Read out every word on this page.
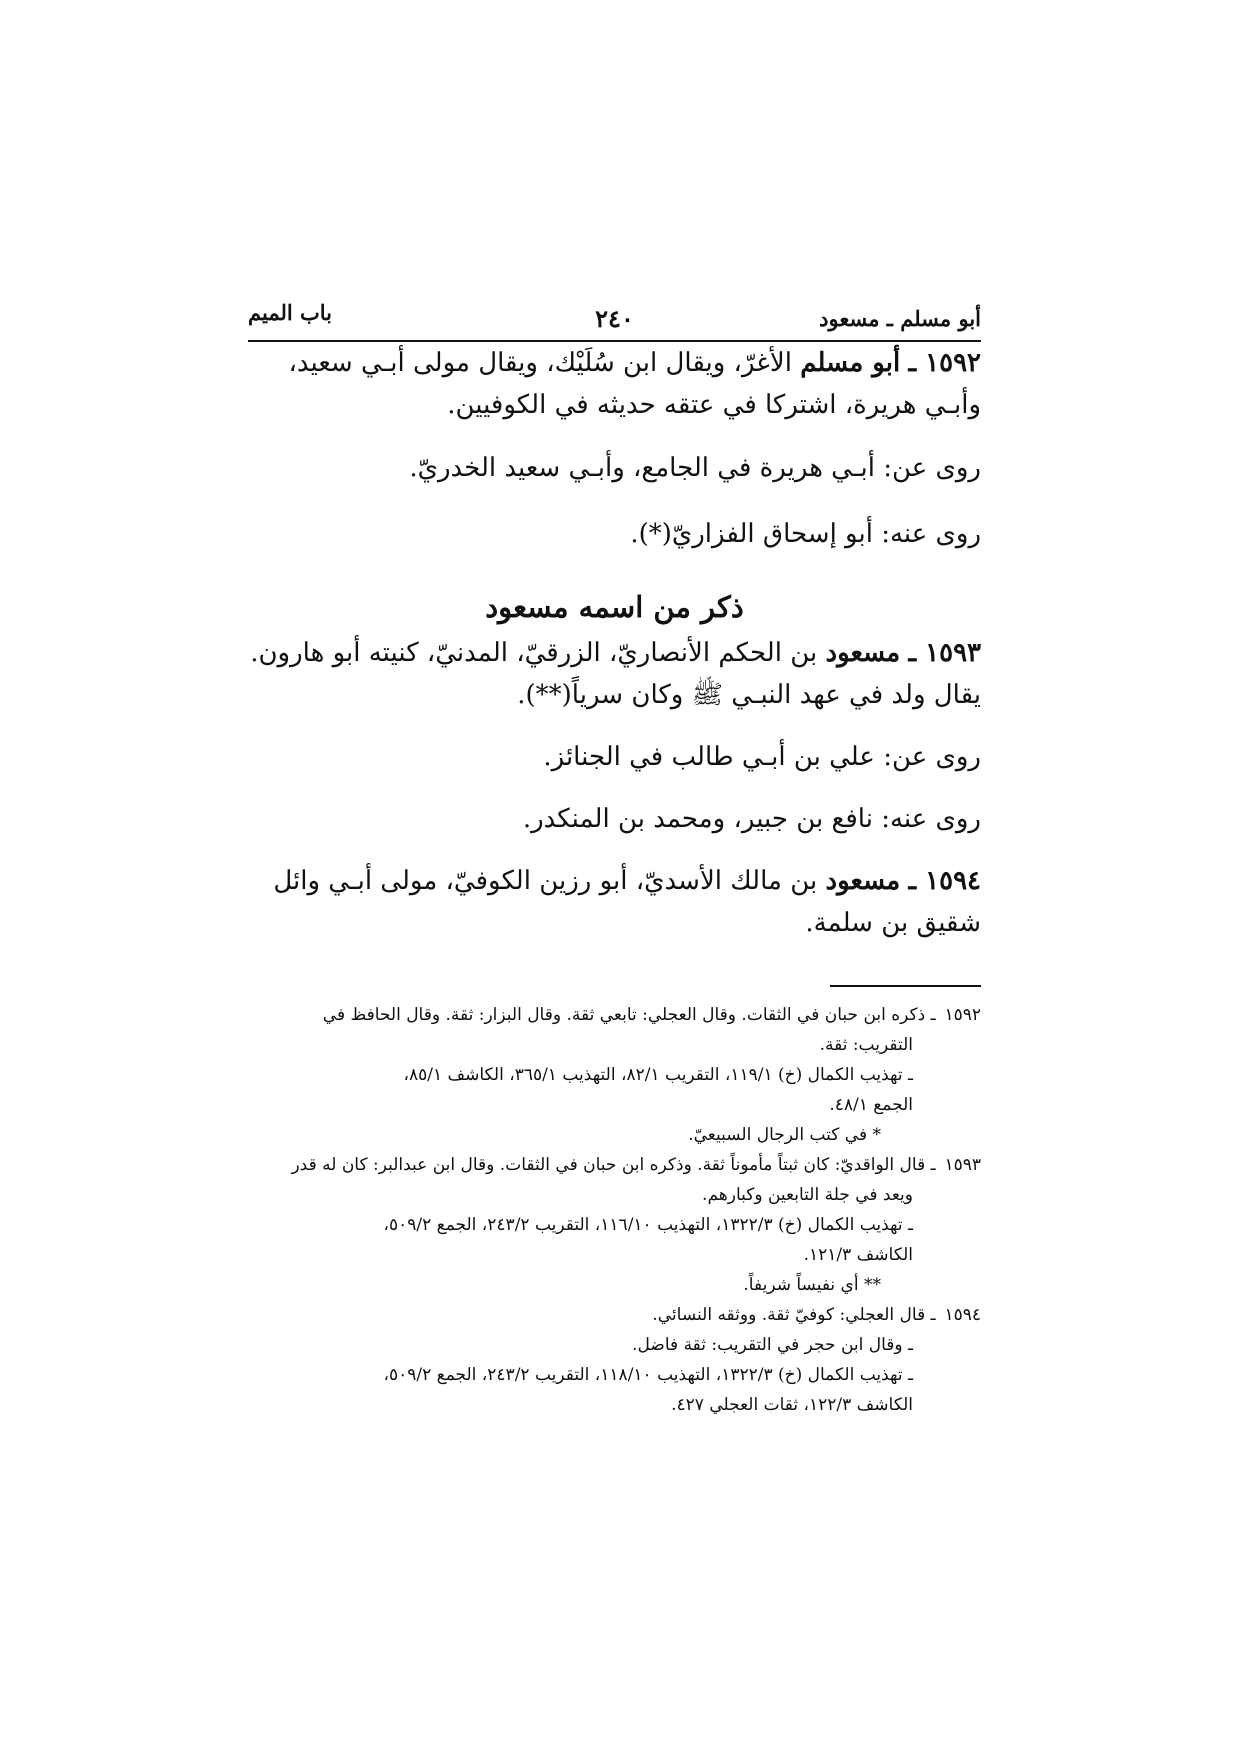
أبو مسلم ـ مسعود
٢٤٠
باب الميم
١٥٩٢ ـ أبو مسلم الأغرّ، ويقال ابن سُلَيْك، ويقال مولى أبـي سعيد،
وأبـي هريرة، اشتركا في عتقه حديثه في الكوفيين.
روى عن: أبـي هريرة في الجامع، وأبـي سعيد الخدريّ.
روى عنه: أبو إسحاق الفزاريّ(*).
ذكر من اسمه مسعود
١٥٩٣ ـ مسعود بن الحكم الأنصاريّ، الزرقيّ، المدنيّ، كنيته أبو هارون.
يقال ولد في عهد النبـي ﷺ وكان سرياً(**).
روى عن: علي بن أبـي طالب في الجنائز.
روى عنه: نافع بن جبير، ومحمد بن المنكدر.
١٥٩٤ ـ مسعود بن مالك الأسديّ، أبو رزين الكوفيّ، مولى أبـي وائل
شقيق بن سلمة.
١٥٩٢ ـ ذكره ابن حبان في الثقات. وقال العجلي: تابعي ثقة. وقال البزار: ثقة. وقال الحافظ في
التقريب: ثقة.
ـ تهذيب الكمال (خ) ١١٩/١، التقريب ٨٢/١، التهذيب ٣٦٥/١، الكاشف ٨٥/١،
الجمع ٤٨/١.
* في كتب الرجال السبيعيّ.
١٥٩٣ ـ قال الواقديّ: كان ثبتاً مأموناً ثقة. وذكره ابن حبان في الثقات. وقال ابن عبدالبر: كان له قدر
ويعد في جلة التابعين وكبارهم.
ـ تهذيب الكمال (خ) ١٣٢٢/٣، التهذيب ١١٦/١٠، التقريب ٢٤٣/٢، الجمع ٥٠٩/٢،
الكاشف ١٢١/٣.
** أي نفيساً شريفاً.
١٥٩٤ ـ قال العجلي: كوفيّ ثقة. ووثقه النسائي.
ـ وقال ابن حجر في التقريب: ثقة فاضل.
ـ تهذيب الكمال (خ) ١٣٢٢/٣، التهذيب ١١٨/١٠، التقريب ٢٤٣/٢، الجمع ٥٠٩/٢،
الكاشف ١٢٢/٣، ثقات العجلي ٤٢٧.
